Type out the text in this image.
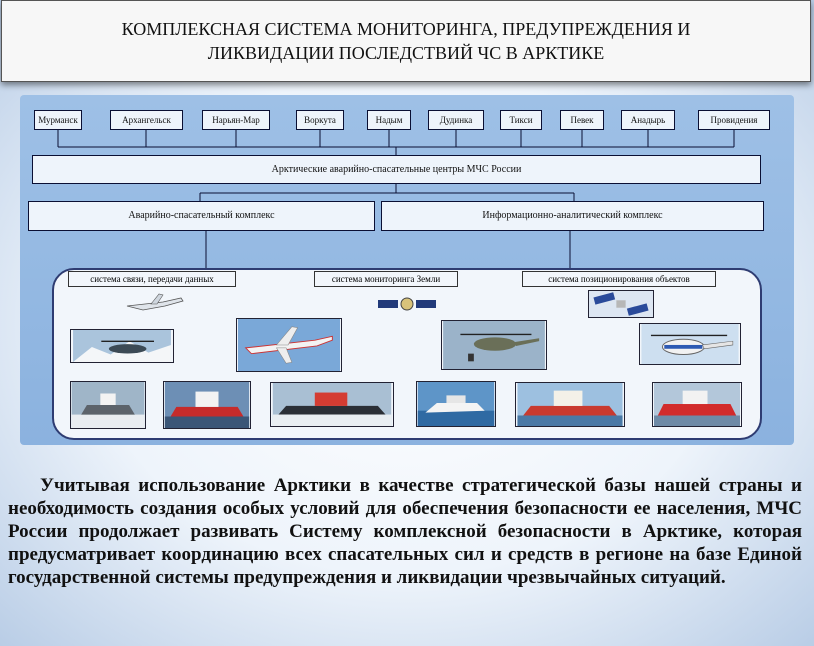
КОМПЛЕКСНАЯ СИСТЕМА МОНИТОРИНГА, ПРЕДУПРЕЖДЕНИЯ И
ЛИКВИДАЦИИ ПОСЛЕДСТВИЙ ЧС В АРКТИКЕ
Мурманск	Архангельск	Нарьян-Мар	Воркута	Надым	Дудинка	Тикси	Певек	Анадырь	Провидения
Арктические аварийно-спасательные центры МЧС России
Аварийно-спасательный комплекс	Информационно-аналитический комплекс
система связи, передачи данных	система мониторинга Земли	система позиционирования объектов
Учитывая использование Арктики в качестве стратегической базы нашей страны и необходимость создания особых условий для обеспечения безопасности ее населения, МЧС России продолжает развивать Систему комплексной безопасности в Арктике, которая предусматривает координацию всех спасательных сил и средств в регионе на базе Единой государственной системы предупреждения и ликвидации чрезвычайных ситуаций.
